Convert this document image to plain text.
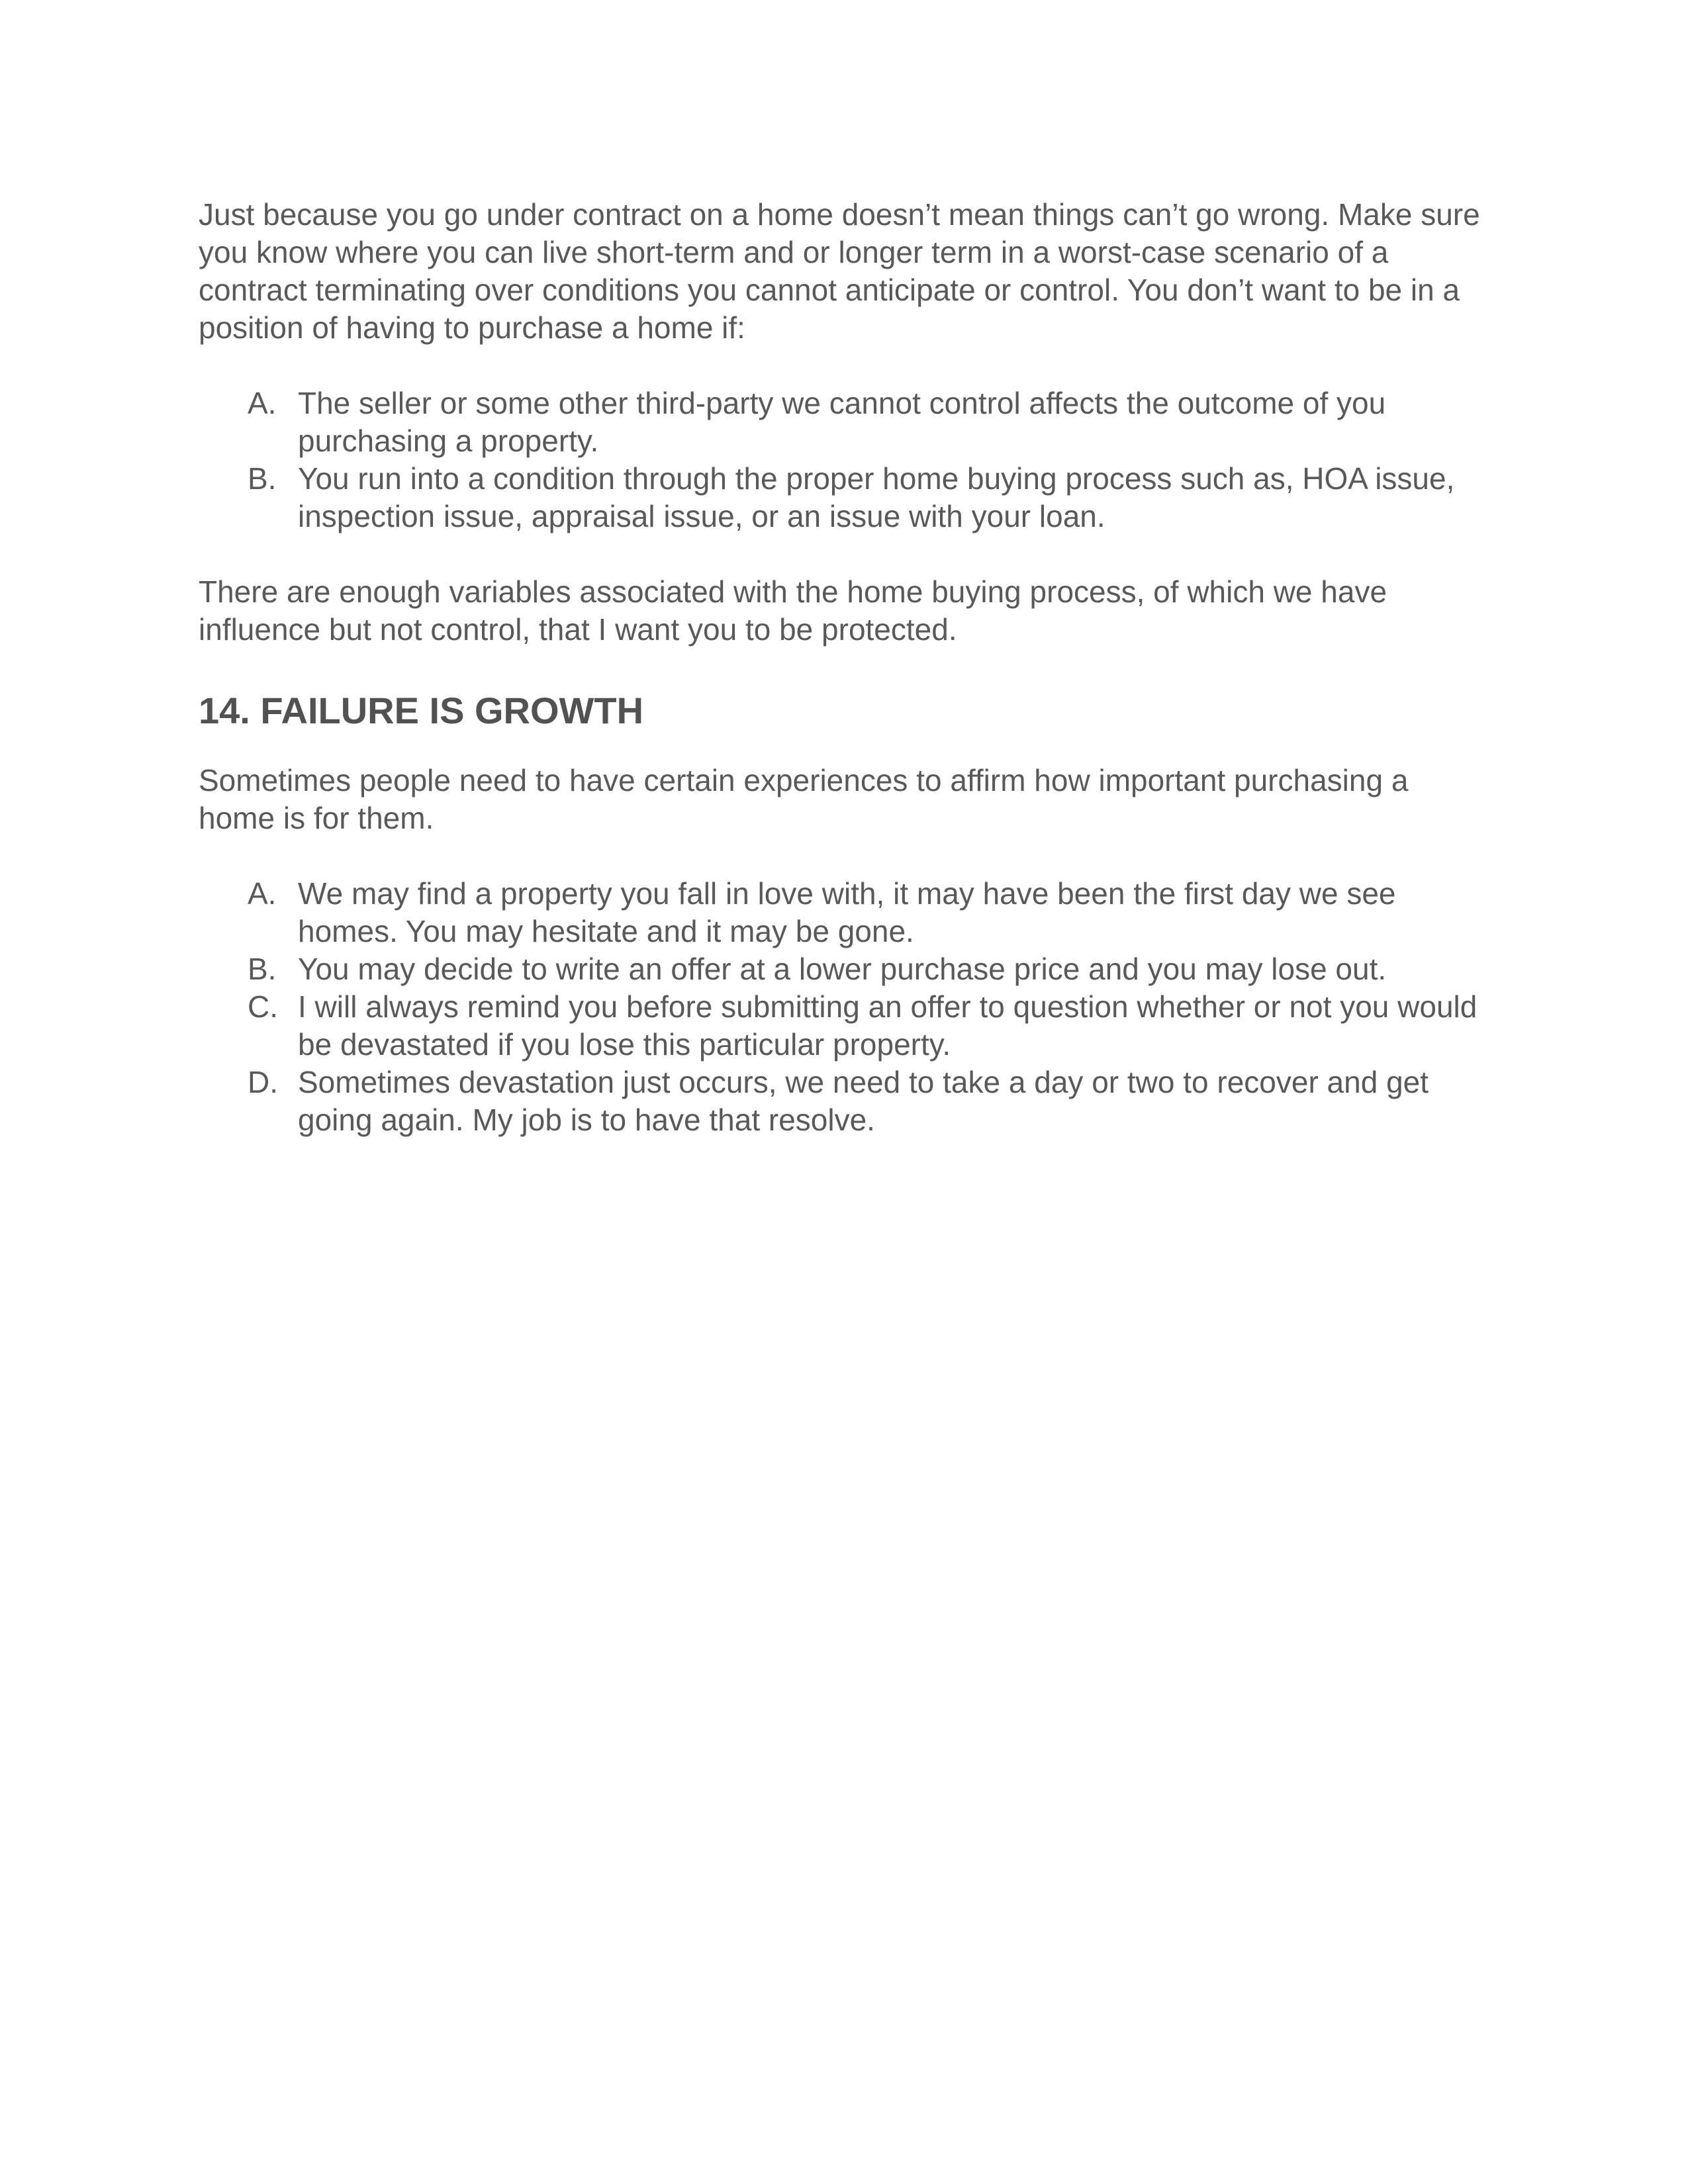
Just because you go under contract on a home doesn’t mean things can’t go wrong. Make sure you know where you can live short-term and or longer term in a worst-case scenario of a contract terminating over conditions you cannot anticipate or control. You don’t want to be in a position of having to purchase a home if:

A. The seller or some other third-party we cannot control affects the outcome of you purchasing a property.
B. You run into a condition through the proper home buying process such as, HOA issue, inspection issue, appraisal issue, or an issue with your loan.

There are enough variables associated with the home buying process, of which we have influence but not control, that I want you to be protected.

14. FAILURE IS GROWTH

Sometimes people need to have certain experiences to affirm how important purchasing a home is for them.

A. We may find a property you fall in love with, it may have been the first day we see homes. You may hesitate and it may be gone.
B. You may decide to write an offer at a lower purchase price and you may lose out.
C. I will always remind you before submitting an offer to question whether or not you would be devastated if you lose this particular property.
D. Sometimes devastation just occurs, we need to take a day or two to recover and get going again. My job is to have that resolve.
